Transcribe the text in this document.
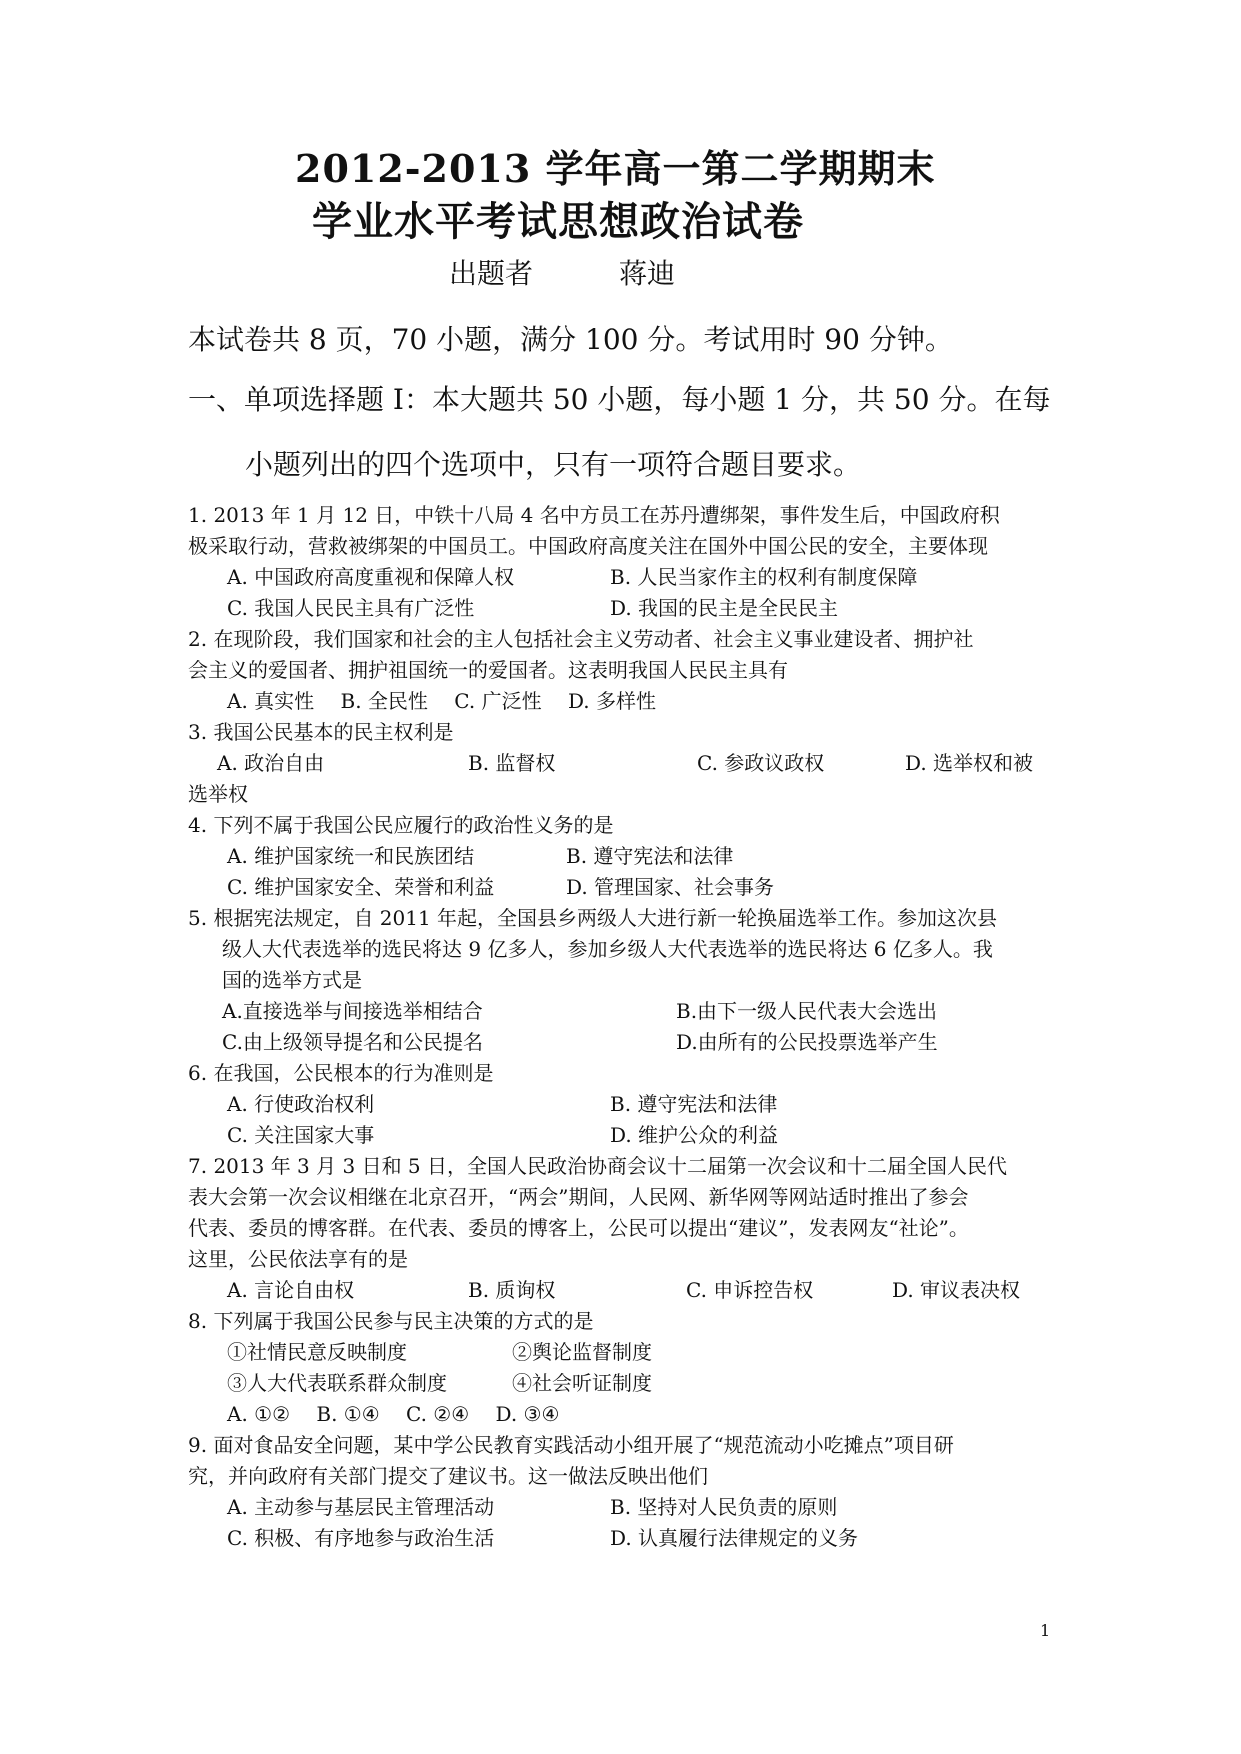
2012-2013 学年高一第二学期期末
学业水平考试思想政治试卷
出题者	蒋迪
本试卷共 8 页，70 小题，满分 100 分。考试用时 90 分钟。
一、单项选择题 I：本大题共 50 小题，每小题 1 分，共 50 分。在每
小题列出的四个选项中，只有一项符合题目要求。
1. 2013 年 1 月 12 日，中铁十八局 4 名中方员工在苏丹遭绑架，事件发生后，中国政府积
极采取行动，营救被绑架的中国员工。中国政府高度关注在国外中国公民的安全，主要体现
A. 中国政府高度重视和保障人权	B. 人民当家作主的权利有制度保障
C. 我国人民民主具有广泛性	D. 我国的民主是全民民主
2. 在现阶段，我们国家和社会的主人包括社会主义劳动者、社会主义事业建设者、拥护社
会主义的爱国者、拥护祖国统一的爱国者。这表明我国人民民主具有
A. 真实性　 B. 全民性　 C. 广泛性　 D. 多样性
3. 我国公民基本的民主权利是
A. 政治自由	B. 监督权	C. 参政议政权	D. 选举权和被
选举权
4. 下列不属于我国公民应履行的政治性义务的是
A. 维护国家统一和民族团结	B. 遵守宪法和法律
C. 维护国家安全、荣誉和利益	D. 管理国家、社会事务
5. 根据宪法规定，自 2011 年起，全国县乡两级人大进行新一轮换届选举工作。参加这次县
级人大代表选举的选民将达 9 亿多人，参加乡级人大代表选举的选民将达 6 亿多人。我
国的选举方式是
A.直接选举与间接选举相结合	B.由下一级人民代表大会选出
C.由上级领导提名和公民提名	D.由所有的公民投票选举产生
6. 在我国，公民根本的行为准则是
A. 行使政治权利	B. 遵守宪法和法律
C. 关注国家大事	D. 维护公众的利益
7. 2013 年 3 月 3 日和 5 日，全国人民政治协商会议十二届第一次会议和十二届全国人民代
表大会第一次会议相继在北京召开，“两会”期间，人民网、新华网等网站适时推出了参会
代表、委员的博客群。在代表、委员的博客上，公民可以提出“建议”，发表网友“社论”。
这里，公民依法享有的是
A. 言论自由权	B. 质询权	C. 申诉控告权	D. 审议表决权
8. 下列属于我国公民参与民主决策的方式的是
①社情民意反映制度	②舆论监督制度
③人大代表联系群众制度	④社会听证制度
A. ①②　 B. ①④　 C. ②④　 D. ③④
9. 面对食品安全问题，某中学公民教育实践活动小组开展了“规范流动小吃摊点”项目研
究，并向政府有关部门提交了建议书。这一做法反映出他们
A. 主动参与基层民主管理活动	B. 坚持对人民负责的原则
C. 积极、有序地参与政治生活	D. 认真履行法律规定的义务
1
